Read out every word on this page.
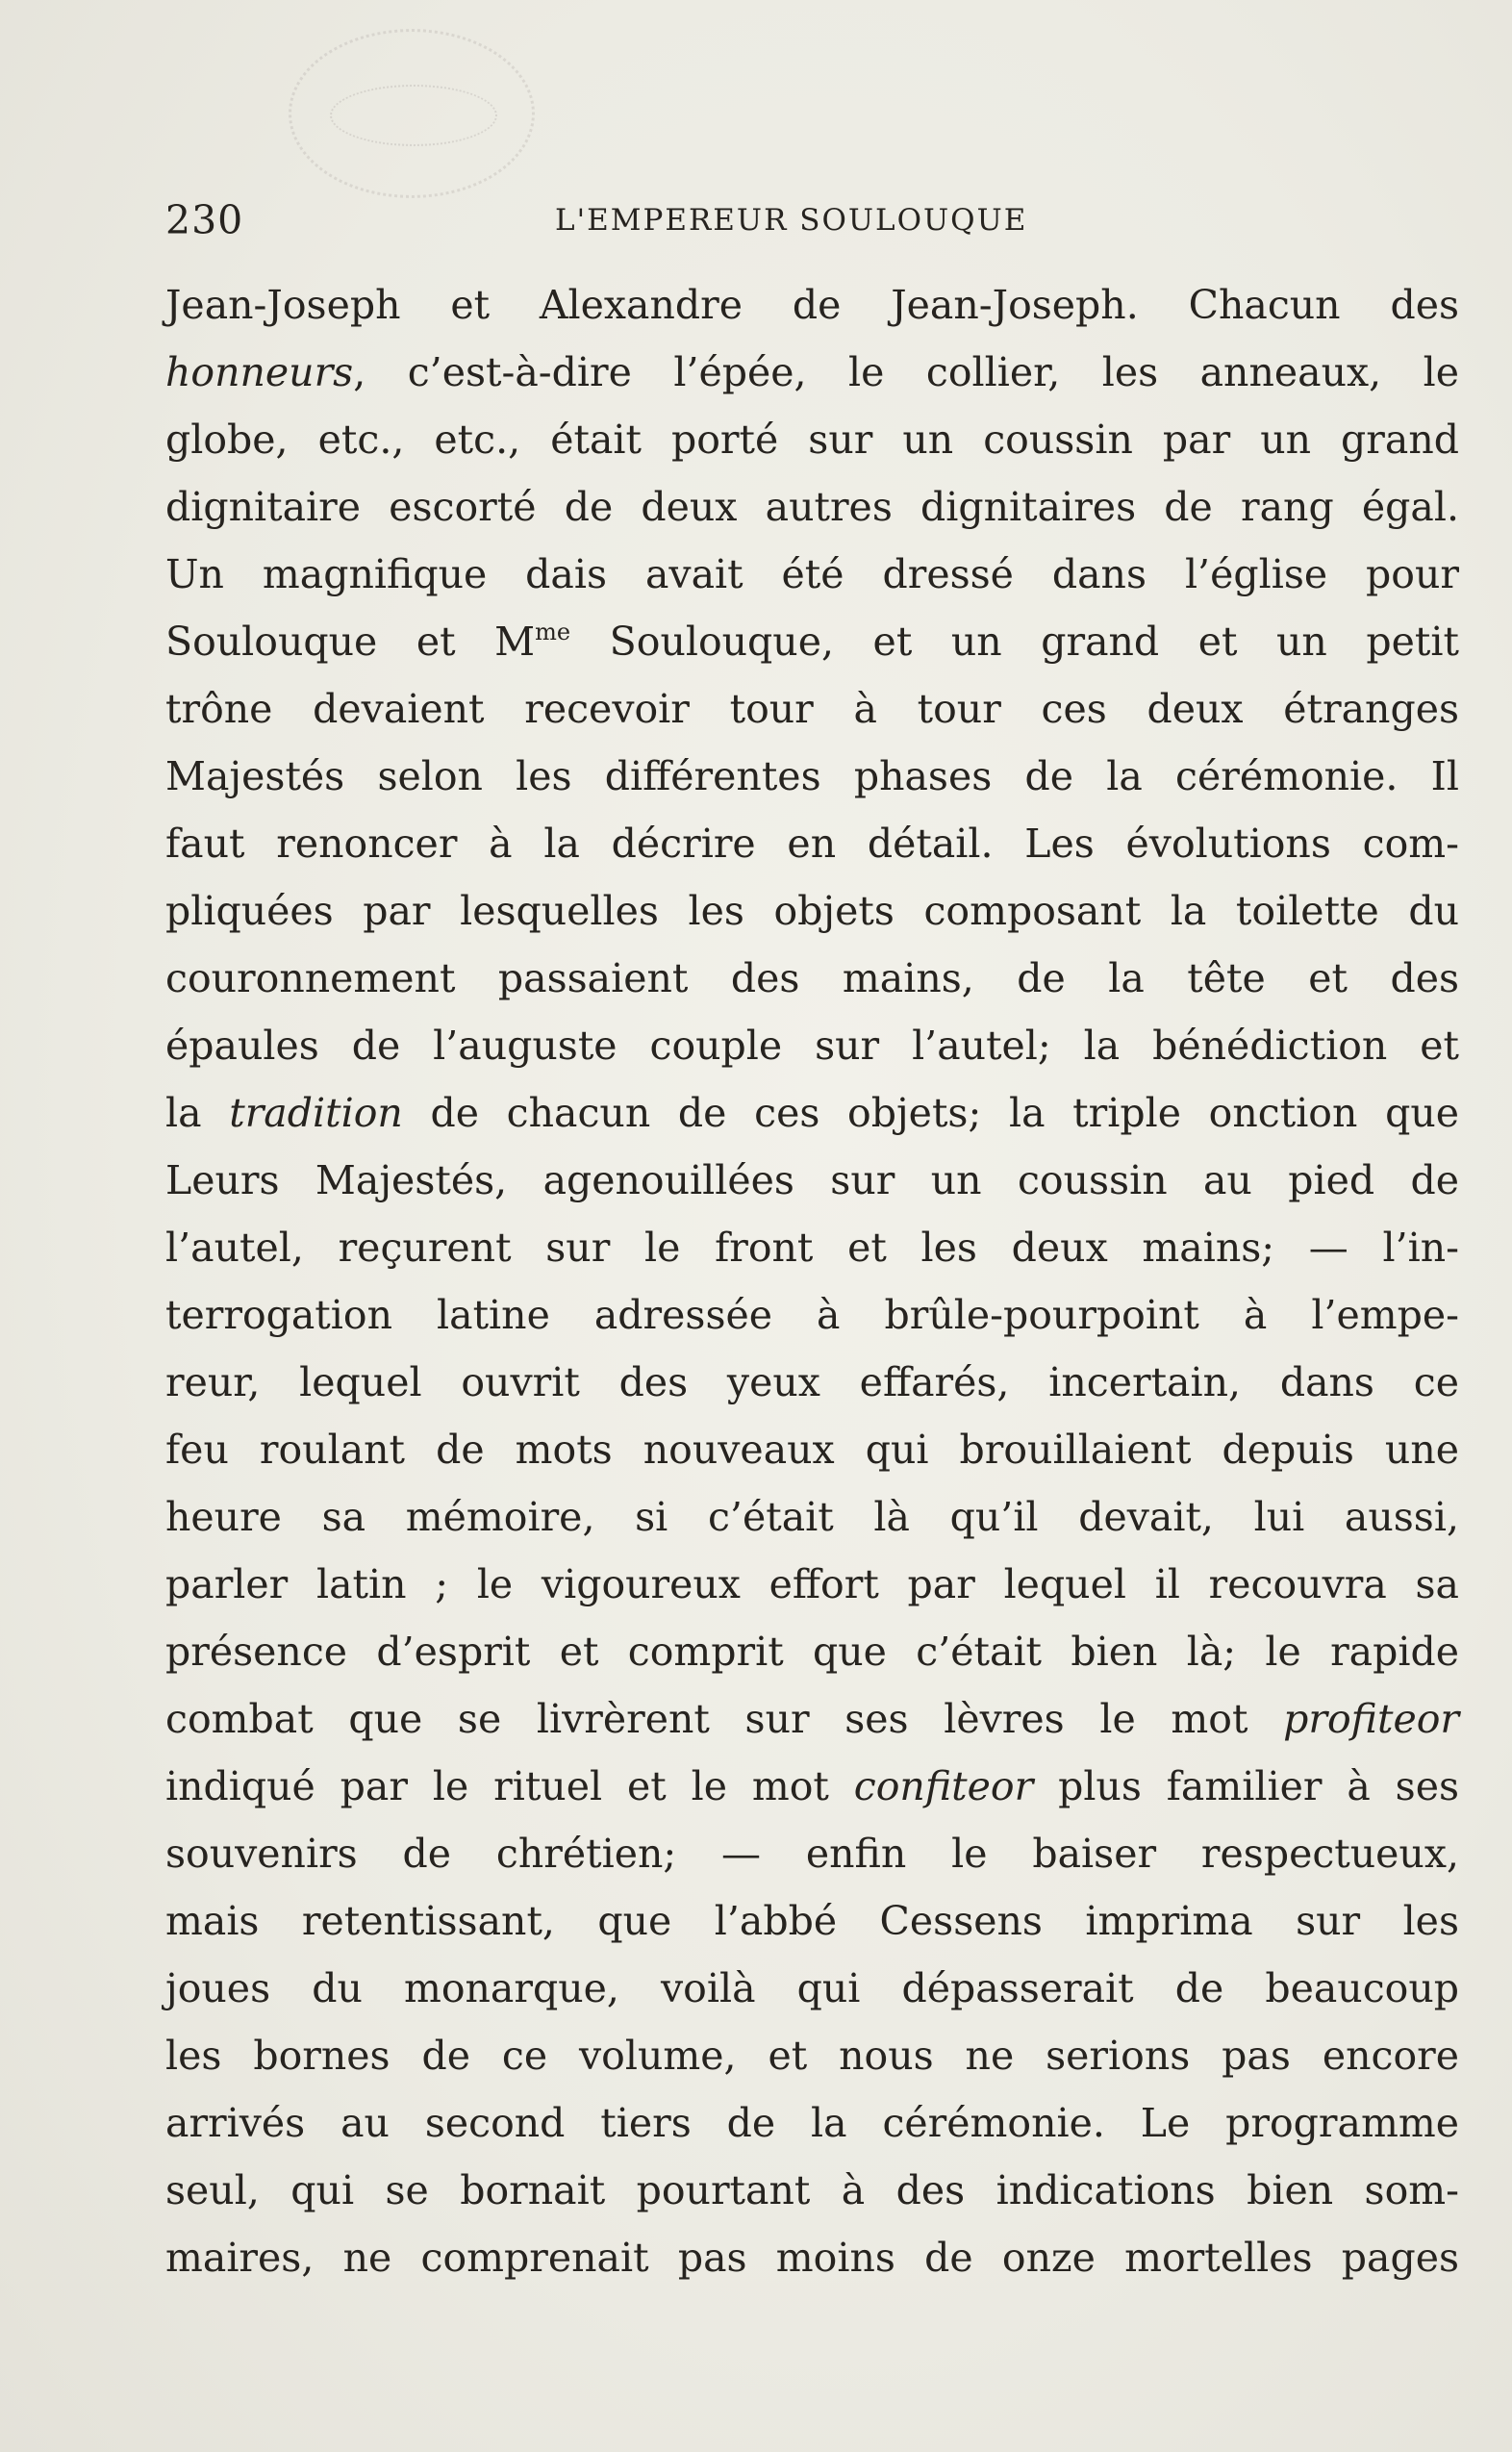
230	L'EMPEREUR SOULOUQUE
Jean-Joseph et Alexandre de Jean-Joseph. Chacun des
honneurs, c’est-à-dire l’épée, le collier, les anneaux, le
globe, etc., etc., était porté sur un coussin par un grand
dignitaire escorté de deux autres dignitaires de rang égal.
Un magnifique dais avait été dressé dans l’église pour
Soulouque et $M^{me}$ Soulouque, et un grand et un petit
trône devaient recevoir tour à tour ces deux étranges
Majestés selon les différentes phases de la cérémonie. Il
faut renoncer à la décrire en détail. Les évolutions com-
pliquées par lesquelles les objets composant la toilette du
couronnement passaient des mains, de la tête et des
épaules de l’auguste couple sur l’autel; la bénédiction et
la tradition de chacun de ces objets; la triple onction que
Leurs Majestés, agenouillées sur un coussin au pied de
l’autel, reçurent sur le front et les deux mains; — l’in-
terrogation latine adressée à brûle-pourpoint à l’empe-
reur, lequel ouvrit des yeux effarés, incertain, dans ce
feu roulant de mots nouveaux qui brouillaient depuis une
heure sa mémoire, si c’était là qu’il devait, lui aussi,
parler latin ; le vigoureux effort par lequel il recouvra sa
présence d’esprit et comprit que c’était bien là; le rapide
combat que se livrèrent sur ses lèvres le mot profiteor
indiqué par le rituel et le mot confiteor plus familier à ses
souvenirs de chrétien; — enfin le baiser respectueux,
mais retentissant, que l’abbé Cessens imprima sur les
joues du monarque, voilà qui dépasserait de beaucoup
les bornes de ce volume, et nous ne serions pas encore
arrivés au second tiers de la cérémonie. Le programme
seul, qui se bornait pourtant à des indications bien som-
maires, ne comprenait pas moins de onze mortelles pages
